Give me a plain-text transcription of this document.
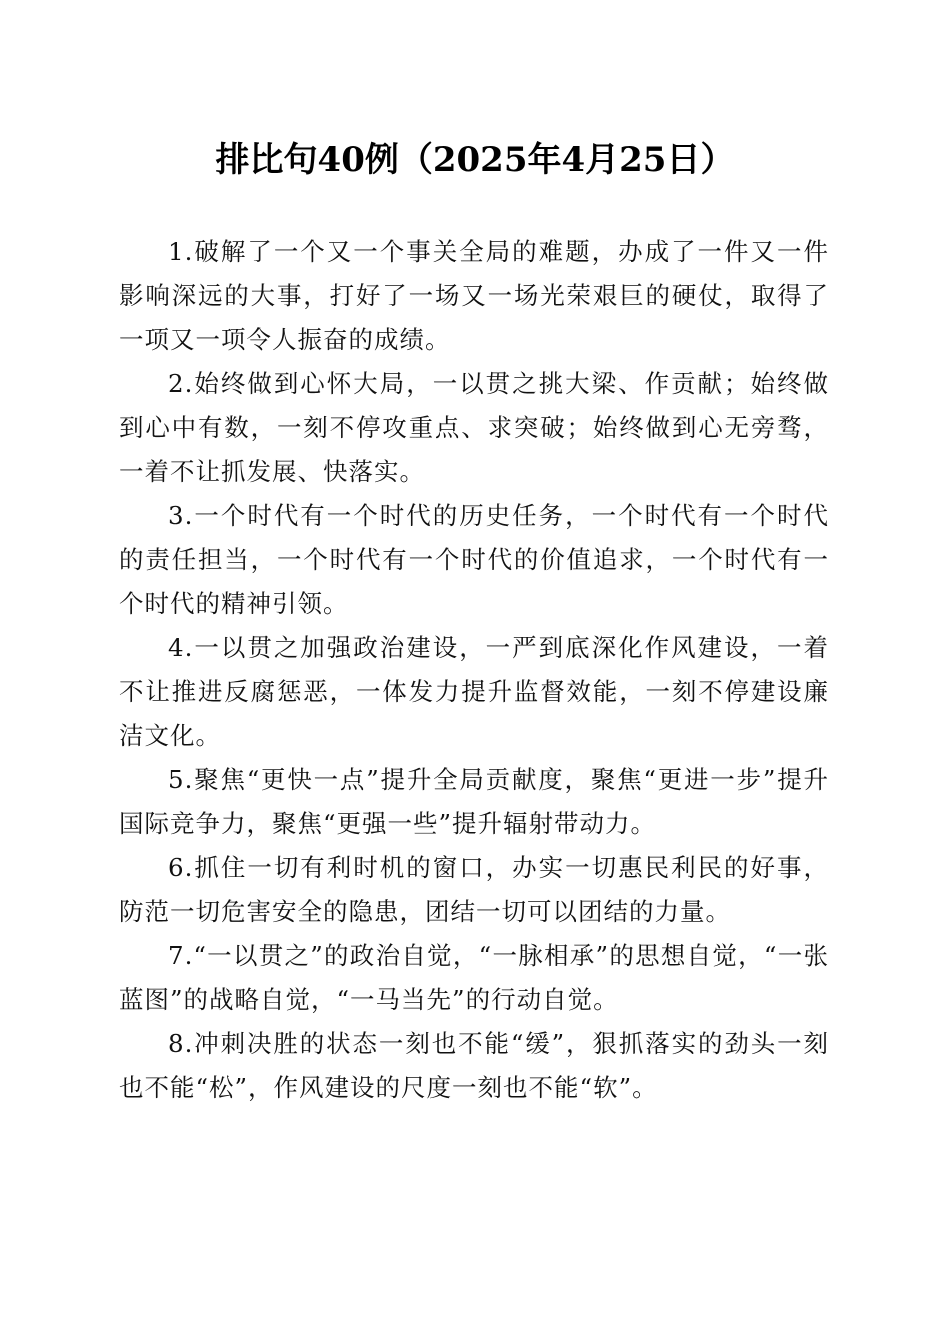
排比句40例（2025年4月25日）

1.破解了一个又一个事关全局的难题，办成了一件又一件影响深远的大事，打好了一场又一场光荣艰巨的硬仗，取得了一项又一项令人振奋的成绩。

2.始终做到心怀大局，一以贯之挑大梁、作贡献；始终做到心中有数，一刻不停攻重点、求突破；始终做到心无旁骛，一着不让抓发展、快落实。

3.一个时代有一个时代的历史任务，一个时代有一个时代的责任担当，一个时代有一个时代的价值追求，一个时代有一个时代的精神引领。

4.一以贯之加强政治建设，一严到底深化作风建设，一着不让推进反腐惩恶，一体发力提升监督效能，一刻不停建设廉洁文化。

5.聚焦“更快一点”提升全局贡献度，聚焦“更进一步”提升国际竞争力，聚焦“更强一些”提升辐射带动力。

6.抓住一切有利时机的窗口，办实一切惠民利民的好事，防范一切危害安全的隐患，团结一切可以团结的力量。

7.“一以贯之”的政治自觉，“一脉相承”的思想自觉，“一张蓝图”的战略自觉，“一马当先”的行动自觉。

8.冲刺决胜的状态一刻也不能“缓”，狠抓落实的劲头一刻也不能“松”，作风建设的尺度一刻也不能“软”。
